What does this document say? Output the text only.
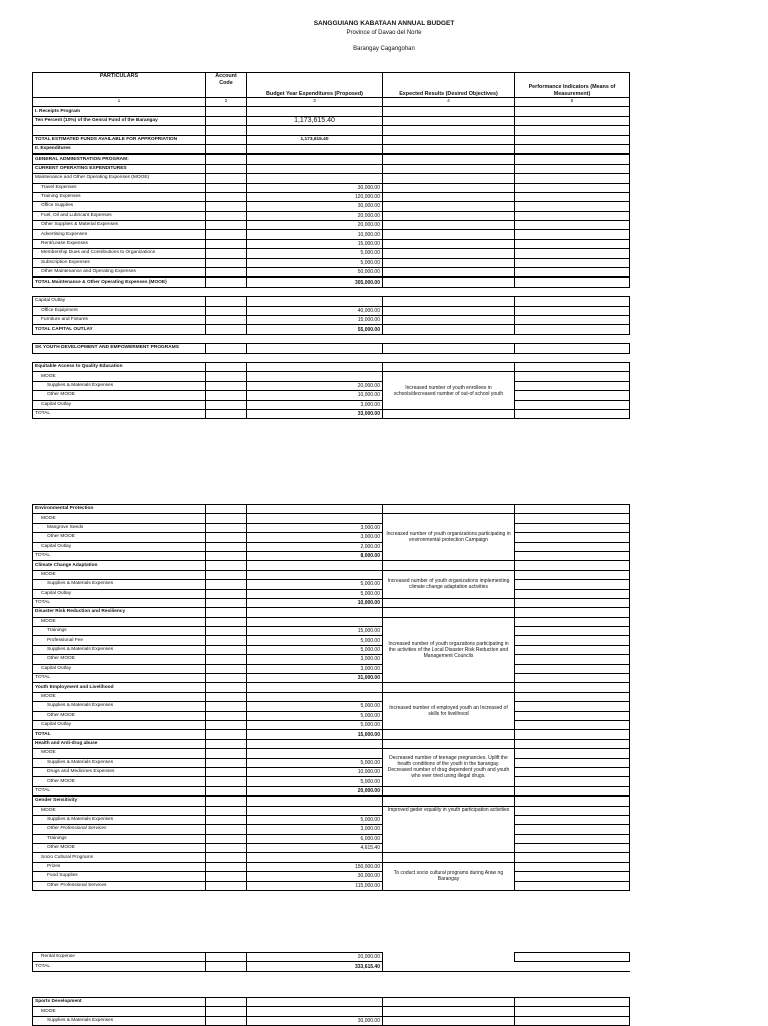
SANGGUIANG KABATAAN ANNUAL BUDGET
Province of Davao del Norte
Barangay Cagangohan
PARTICULARS	Account Code	Budget Year Expenditures (Proposed)	Expected Results (Desired Objectives)	Performance Indicators (Means of Measurement)
1	2	3	4	5
I. Receipts Program				
Ten Percent (10%) of the Genral Fund of the Barangay		1,173,615.40		

TOTAL ESTIMATED FUNDS AVAILABLE FOR APPROPRIATION		1,173,615.40		
II. Expenditures				
GENERAL ADMINISTRATION PROGRAM:				
CURRENT OPERATING EXPENDITURES				
Maintenance and Other Operating Expenses (MOOE)				
Travel Expenses		30,000.00		
Training Expenses		120,000.00		
Office Supplies		30,000.00		
Fuel, Oil and Lubricant Expenses		20,000.00		
Other Supplies & Material Expenses		20,000.00		
Advertising Expenses		10,000.00		
Rent/Lease Expenses		15,000.00		
Membership Dues and Contributions to Organizations		5,000.00		
Subscription Expenses		5,000.00		
Other Maintenance and Operating Expenses		50,000.00		
TOTAL Maintenance & Other Operating Expenses (MOOE)		305,000.00		

Capital Outlay				
Office Equipment		40,000.00		
Furniture and Fixtures		15,000.00		
TOTAL CAPITAL OUTLAY		55,000.00		

SK YOUTH DEVELOPMENT AND EMPOWERMENT PROGRAMS				

Equitable Access to Quality Education				
MOOE			Increased number of youth enrollees in schools/decreased number of out-of school youth	
Supplies & Materials Expenses		20,000.00		
Other MOOE		10,000.00		
Capital Outlay		3,000.00		
TOTAL		33,000.00		
Environmental Protection				
MOOE			Increased number of youth organizations participating in environmental protection Campaign	
Mangrove Seeds		3,000.00		
Other MOOE		3,000.00		
Capital Outlay		2,000.00		
TOTAL		8,000.00		
Climate Change Adaptation				
MOOE			Increased number of youth organizations implementing climate change adaptation activities	
Supplies & Materials Expenses		5,000.00		
Capital Outlay		5,000.00		
TOTAL		10,000.00		
Disaster Risk Reduction and Resiliency				
MOOE			Increased number of youth orgazations participating in the activities of the Local Disaster Risk Reduction and Management Councils	
Trainings		15,000.00		
Professional Fee		5,000.00		
Supplies & Materials Expenses		5,000.00		
Other MOOE		3,000.00		
Capital Outlay		3,000.00		
TOTAL		31,000.00		
Youth Employment and Livelihood				
MOOE			Increased number of employed youth an Increased of skills for livelihood	
Supplies & Materials Expenses		5,000.00		
Other MOOE		5,000.00		
Capital Outlay		5,000.00		
TOTAL		15,000.00		
Health and Anti-drug abuse				
MOOE			Decreased number of teenage pregnancies. Uplift the health conditions of the youth in the barangay. Decreased number of drug dependent youth and youth who ever tried using illegal drugs.	
Supplies & Materials Expenses		5,000.00		
Drugs and Medicines Expenses		10,000.00		
Other MOOE		5,000.00		
TOTAL		20,000.00		
Gender Sensitivity				
MOOE			Improved geder equality in youth participation activities	
Supplies & Materials Expenses		5,000.00		
Other Professional Services		3,000.00		
Trainings		6,000.00		
Other MOOE		4,615.40		
Socio Cultural Programs				
Prizes		150,000.00	To coduct socio cultural programs during Araw ng Barangay	
Food Supplies		30,000.00		
Other Professional Services		115,000.00		
Rental Expense		20,000.00		
TOTAL		333,615.40		
Sports Development				
MOOE				
Supplies & Materials Expenses		30,000.00		
